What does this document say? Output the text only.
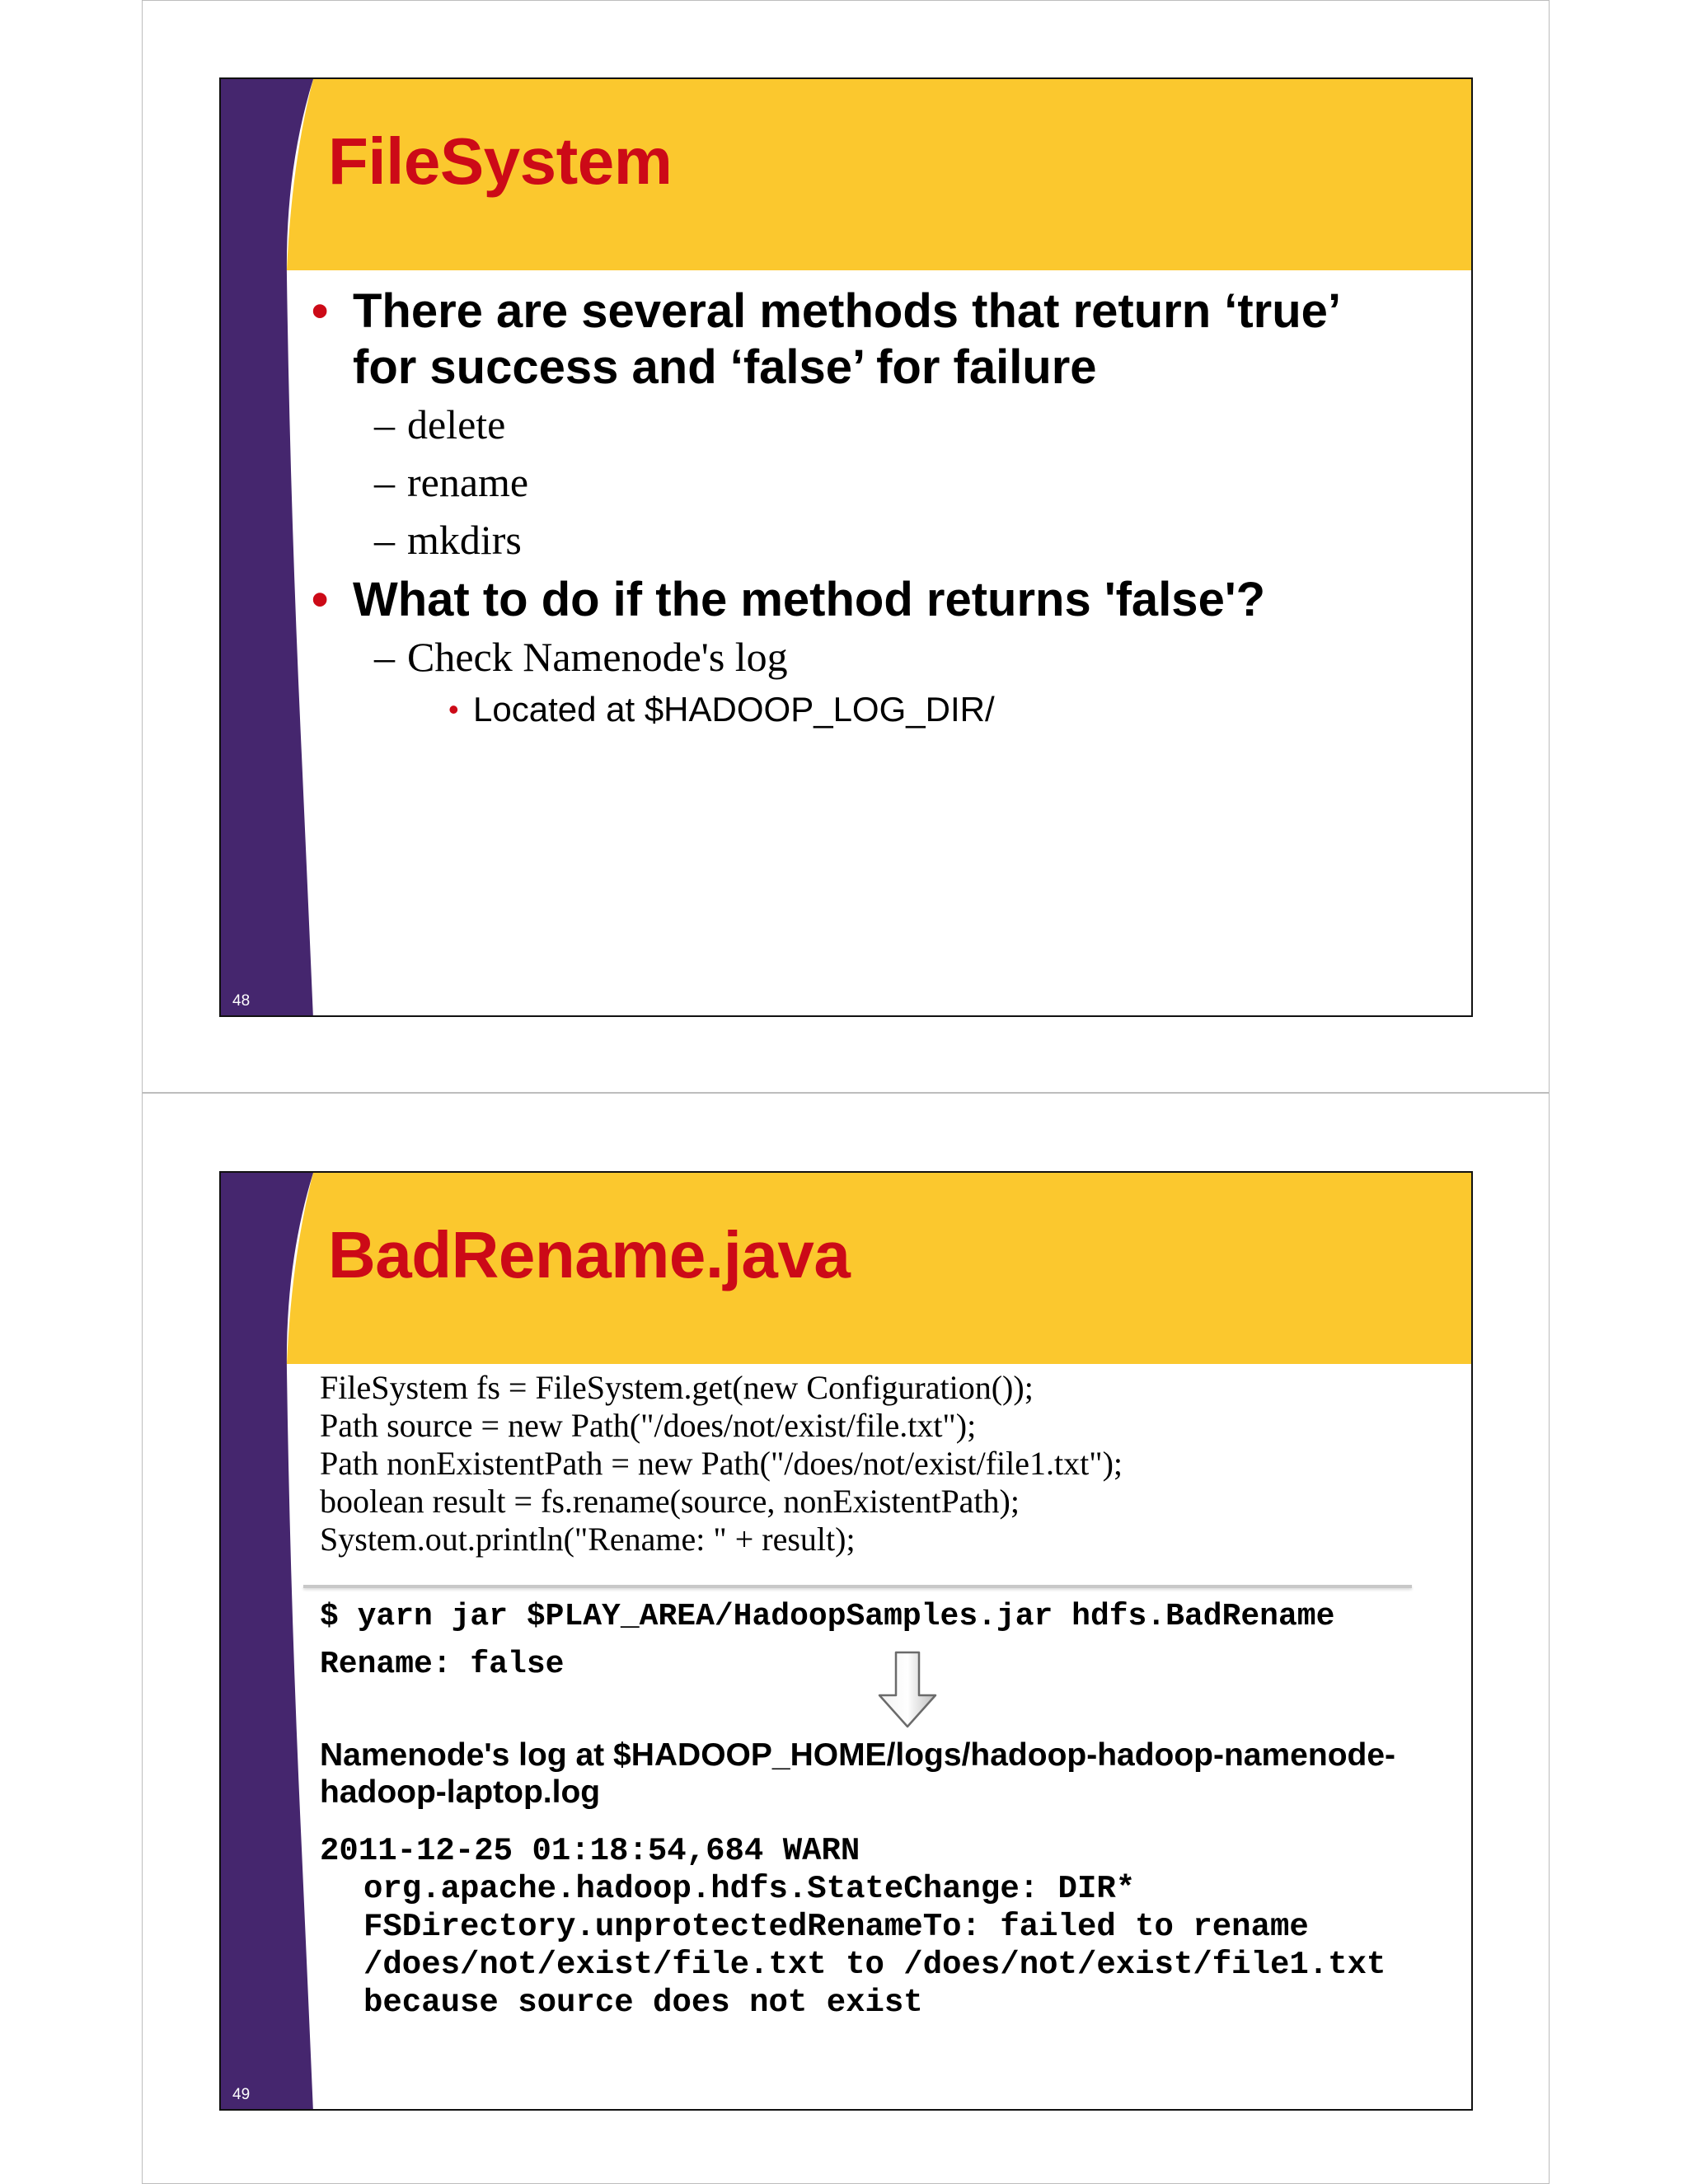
48
FileSystem

• There are several methods that return ‘true’
for success and ‘false’ for failure

– delete

– rename

– mkdirs

• What to do if the method returns 'false'?

– Check Namenode's log

• Located at $HADOOP_LOG_DIR/

49
BadRename.java
FileSystem fs = FileSystem.get(new Configuration());
Path source = new Path("/does/not/exist/file.txt");
Path nonExistentPath = new Path("/does/not/exist/file1.txt");
boolean result = fs.rename(source, nonExistentPath);
System.out.println("Rename: " + result);

$ yarn jar $PLAY_AREA/HadoopSamples.jar hdfs.BadRename

Rename: false

Namenode's log at $HADOOP_HOME/logs/hadoop-hadoop-namenode-
hadoop-laptop.log

2011-12-25 01:18:54,684 WARN
org.apache.hadoop.hdfs.StateChange: DIR*
FSDirectory.unprotectedRenameTo: failed to rename
/does/not/exist/file.txt to /does/not/exist/file1.txt
because source does not exist
